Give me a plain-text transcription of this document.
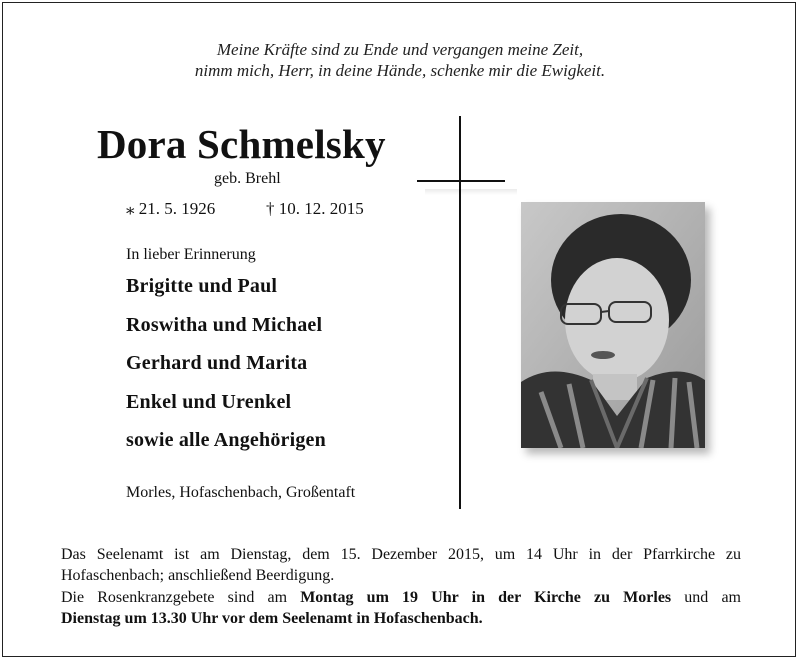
Meine Kräfte sind zu Ende und vergangen meine Zeit,
nimm mich, Herr, in deine Hände, schenke mir die Ewigkeit.
Dora Schmelsky
geb. Brehl
⁎ 21. 5. 1926	† 10. 12. 2015
In lieber Erinnerung
Brigitte und Paul
Roswitha und Michael
Gerhard und Marita
Enkel und Urenkel
sowie alle Angehörigen
Morles, Hofaschenbach, Großentaft
Das Seelenamt ist am Dienstag, dem 15. Dezember 2015, um 14 Uhr in der Pfarrkirche zu
Hofaschenbach; anschließend Beerdigung.
Die Rosenkranzgebete sind am Montag um 19 Uhr in der Kirche zu Morles und am
Dienstag um 13.30 Uhr vor dem Seelenamt in Hofaschenbach.
